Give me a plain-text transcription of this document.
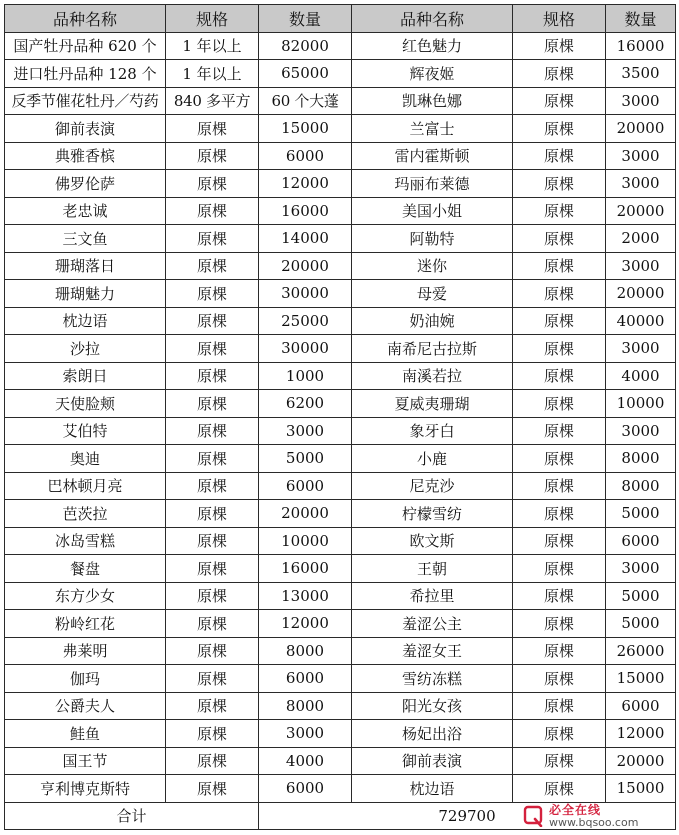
品种名称	规格	数量	品种名称	规格	数量
国产牡丹品种 620 个	1 年以上	82000	红色魅力	原棵	16000
进口牡丹品种 128 个	1 年以上	65000	辉夜姬	原棵	3500
反季节催花牡丹／芍药	840 多平方	60 个大蓬	凯琳色娜	原棵	3000
御前表演	原棵	15000	兰富士	原棵	20000
典雅香槟	原棵	6000	雷内霍斯顿	原棵	3000
佛罗伦萨	原棵	12000	玛丽布莱德	原棵	3000
老忠诚	原棵	16000	美国小姐	原棵	20000
三文鱼	原棵	14000	阿勒特	原棵	2000
珊瑚落日	原棵	20000	迷你	原棵	3000
珊瑚魅力	原棵	30000	母爱	原棵	20000
枕边语	原棵	25000	奶油婉	原棵	40000
沙拉	原棵	30000	南希尼古拉斯	原棵	3000
索朗日	原棵	1000	南溪若拉	原棵	4000
天使脸颊	原棵	6200	夏威夷珊瑚	原棵	10000
艾伯特	原棵	3000	象牙白	原棵	3000
奥迪	原棵	5000	小鹿	原棵	8000
巴林顿月亮	原棵	6000	尼克沙	原棵	8000
芭茨拉	原棵	20000	柠檬雪纺	原棵	5000
冰岛雪糕	原棵	10000	欧文斯	原棵	6000
餐盘	原棵	16000	王朝	原棵	3000
东方少女	原棵	13000	希拉里	原棵	5000
粉岭红花	原棵	12000	羞涩公主	原棵	5000
弗莱明	原棵	8000	羞涩女王	原棵	26000
伽玛	原棵	6000	雪纺冻糕	原棵	15000
公爵夫人	原棵	8000	阳光女孩	原棵	6000
鲑鱼	原棵	3000	杨妃出浴	原棵	12000
国王节	原棵	4000	御前表演	原棵	20000
亨利博克斯特	原棵	6000	枕边语	原棵	15000
合计		729700				必全在线
www.bqsoo.com
